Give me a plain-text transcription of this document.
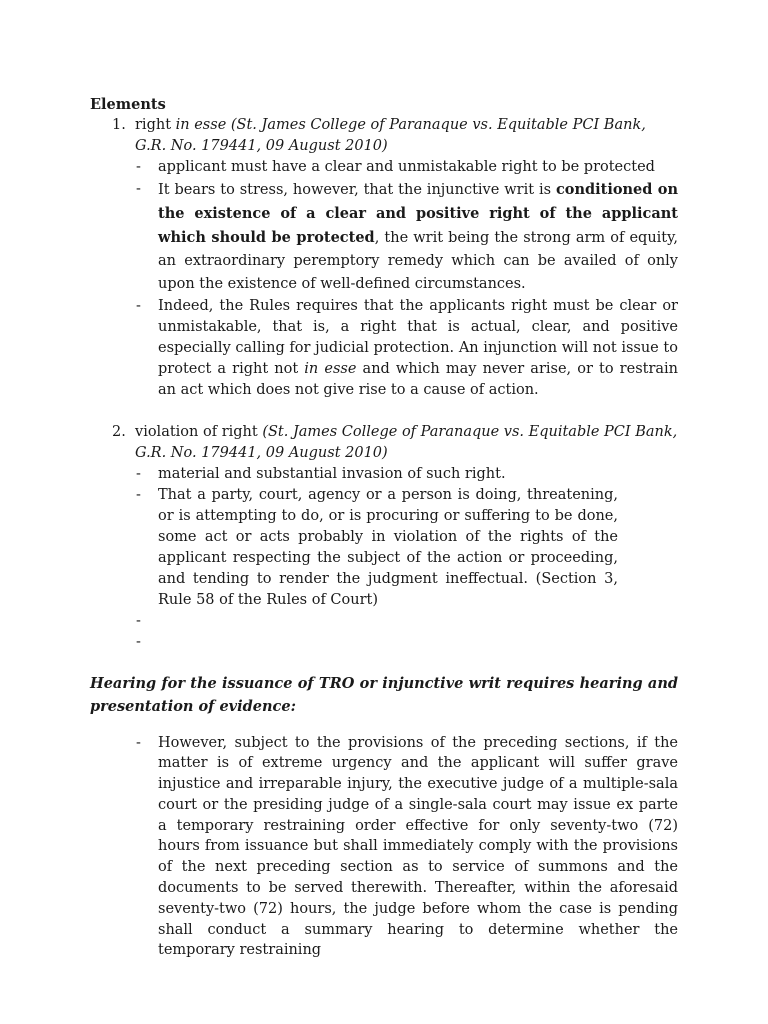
Elements

1. right in esse (St. James College of Paranaque vs. Equitable PCI Bank, G.R. No. 179441, 09 August 2010)
- applicant must have a clear and unmistakable right to be protected
- It bears to stress, however, that the injunctive writ is conditioned on the existence of a clear and positive right of the applicant which should be protected, the writ being the strong arm of equity, an extraordinary peremptory remedy which can be availed of only upon the existence of well-defined circumstances.
- Indeed, the Rules requires that the applicants right must be clear or unmistakable, that is, a right that is actual, clear, and positive especially calling for judicial protection. An injunction will not issue to protect a right not in esse and which may never arise, or to restrain an act which does not give rise to a cause of action.
2. violation of right (St. James College of Paranaque vs. Equitable PCI Bank, G.R. No. 179441, 09 August 2010)
- material and substantial invasion of such right.
- That a party, court, agency or a person is doing, threatening, or is attempting to do, or is procuring or suffering to be done, some act or acts probably in violation of the rights of the applicant respecting the subject of the action or proceeding, and tending to render the judgment ineffectual. (Section 3, Rule 58 of the Rules of Court)
-

-

Hearing for the issuance of TRO or injunctive writ requires hearing and presentation of evidence:

- However, subject to the provisions of the preceding sections, if the matter is of extreme urgency and the applicant will suffer grave injustice and irreparable injury, the executive judge of a multiple-sala court or the presiding judge of a single-sala court may issue ex parte a temporary restraining order effective for only seventy-two (72) hours from issuance but shall immediately comply with the provisions of the next preceding section as to service of summons and the documents to be served therewith. Thereafter, within the aforesaid seventy-two (72) hours, the judge before whom the case is pending shall conduct a summary hearing to determine whether the temporary restraining
